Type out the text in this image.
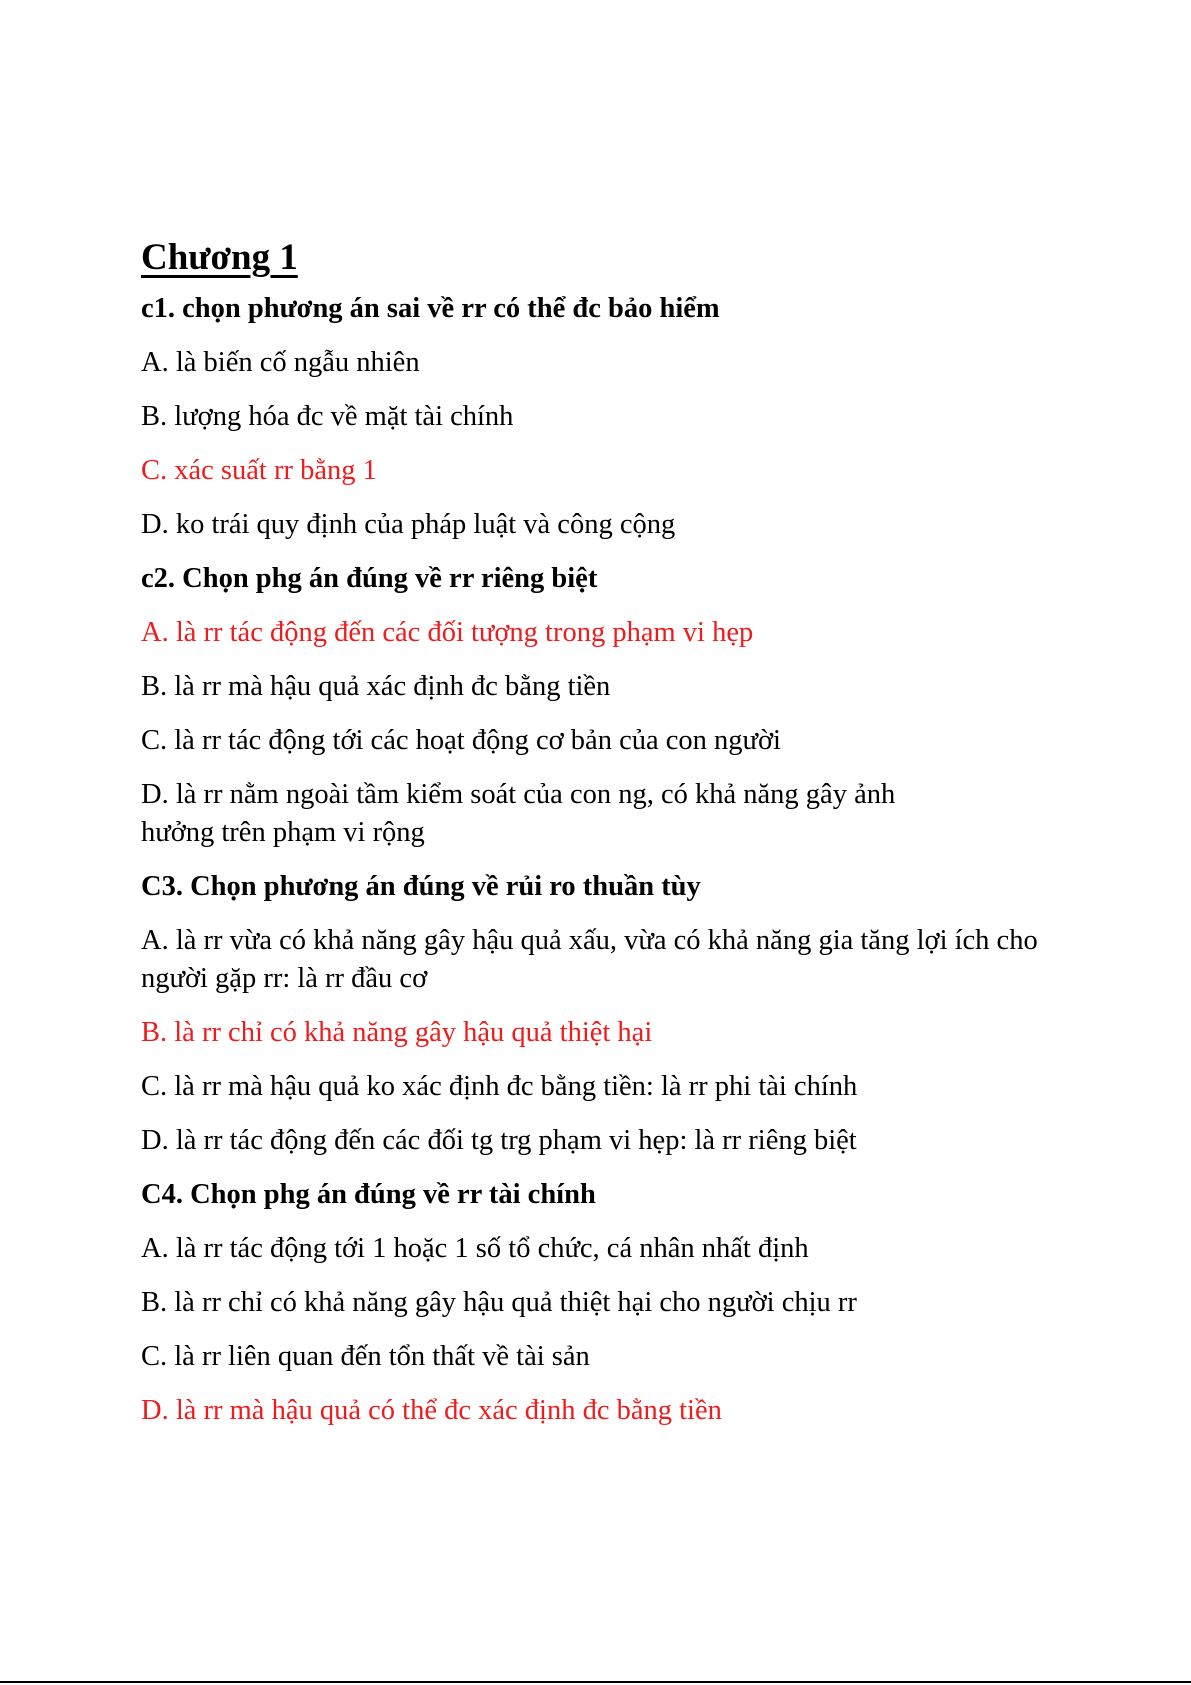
Chương 1
c1. chọn phương án sai về rr có thể đc bảo hiểm
A. là biến cố ngẫu nhiên
B. lượng hóa đc về mặt tài chính
C. xác suất rr bằng 1
D. ko trái quy định của pháp luật và công cộng
c2. Chọn phg án đúng về rr riêng biệt
A. là rr tác động đến các đối tượng trong phạm vi hẹp
B. là rr mà hậu quả xác định đc bằng tiền
C. là rr tác động tới các hoạt động cơ bản của con người
D. là rr nằm ngoài tầm kiểm soát của con ng, có khả năng gây ảnh hưởng trên phạm vi rộng
C3. Chọn phương án đúng về rủi ro thuần tùy
A. là rr vừa có khả năng gây hậu quả xấu, vừa có khả năng gia tăng lợi ích cho người gặp rr: là rr đầu cơ
B. là rr chỉ có khả năng gây hậu quả thiệt hại
C. là rr mà hậu quả ko xác định đc bằng tiền: là rr phi tài chính
D. là rr tác động đến các đối tg trg phạm vi hẹp: là rr riêng biệt
C4. Chọn phg án đúng về rr tài chính
A. là rr tác động tới 1 hoặc 1 số tổ chức, cá nhân nhất định
B. là rr chỉ có khả năng gây hậu quả thiệt hại cho người chịu rr
C. là rr liên quan đến tổn thất về tài sản
D. là rr mà hậu quả có thể đc xác định đc bằng tiền
